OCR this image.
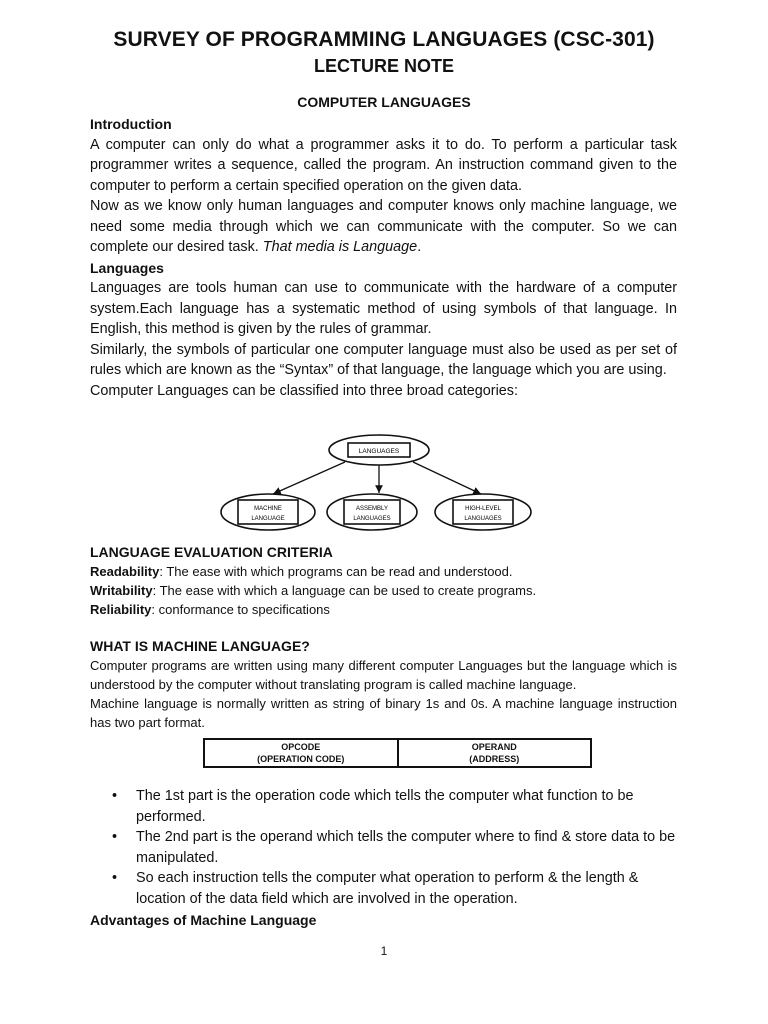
SURVEY OF PROGRAMMING LANGUAGES (CSC-301)
LECTURE NOTE
COMPUTER LANGUAGES

Introduction

A computer can only do what a programmer asks it to do. To perform a particular task programmer writes a sequence, called the program. An instruction command given to the computer to perform a certain specified operation on the given data.

Now as we know only human languages and computer knows only machine language, we need some media through which we can communicate with the computer. So we can complete our desired task. That media is Language.

Languages

Languages are tools human can use to communicate with the hardware of a computer system.Each language has a systematic method of using symbols of that language. In English, this method is given by the rules of grammar.

Similarly, the symbols of particular one computer language must also be used as per set of rules which are known as the “Syntax” of that language, the language which you are using.

Computer Languages can be classified into three broad categories:

LANGUAGES
MACHINE
LANGUAGE
ASSEMBLY
LANGUAGES
HIGH-LEVEL
LANGUAGES

LANGUAGE EVALUATION CRITERIA

Readability: The ease with which programs can be read and understood.

Writability: The ease with which a language can be used to create programs.

Reliability: conformance to specifications

WHAT IS MACHINE LANGUAGE?

Computer programs are written using many different computer Languages but the language which is understood by the computer without translating program is called machine language.

Machine language is normally written as string of binary 1s and 0s. A machine language instruction has two part format.

OPCODE
(OPERATION CODE)

OPERAND
(ADDRESS)
• The 1st part is the operation code which tells the computer what function to be performed.
• The 2nd part is the operand which tells the computer where to find & store data to be manipulated.
• So each instruction tells the computer what operation to perform & the length & location of the data field which are involved in the operation.
Advantages of Machine Language
1
